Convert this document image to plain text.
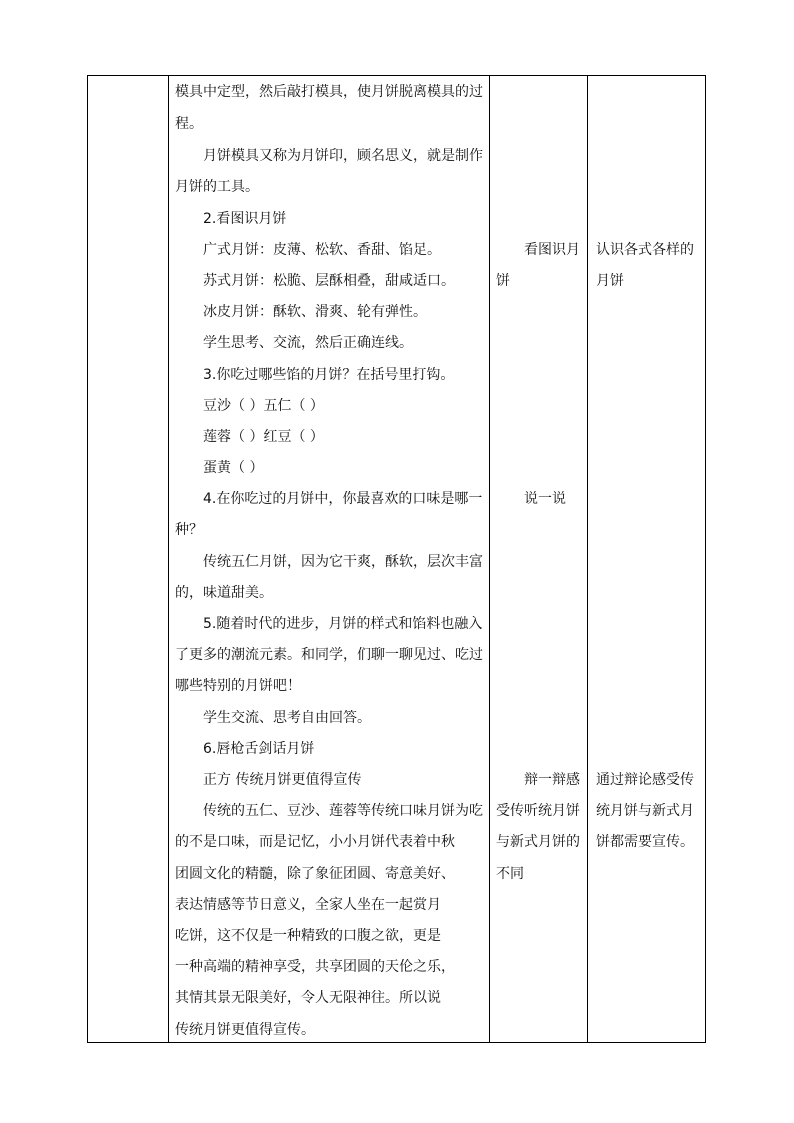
模具中定型，然后敲打模具，使月饼脱离模具的过
程。
月饼模具又称为月饼印，顾名思义，就是制作
月饼的工具。
2.看图识月饼
广式月饼：皮薄、松软、香甜、馅足。
苏式月饼：松脆、层酥相叠，甜咸适口。
冰皮月饼：酥软、滑爽、轮有弹性。
学生思考、交流，然后正确连线。
3.你吃过哪些馅的月饼？在括号里打钩。
豆沙（ ）五仁（ ）
莲蓉（ ）红豆（ ）
蛋黄（ ）
4.在你吃过的月饼中，你最喜欢的口味是哪一
种？
传统五仁月饼，因为它干爽，酥软，层次丰富
的，味道甜美。
5.随着时代的进步，月饼的样式和馅料也融入
了更多的潮流元素。和同学，们聊一聊见过、吃过
哪些特别的月饼吧！
学生交流、思考自由回答。
6.唇枪舌剑话月饼
正方 传统月饼更值得宣传
传统的五仁、豆沙、莲蓉等传统口味月饼为吃
的不是口味，而是记忆，小小月饼代表着中秋
团圆文化的精髓，除了象征团圆、寄意美好、
表达情感等节日意义，全家人坐在一起赏月
吃饼，这不仅是一种精致的口腹之欲，更是
一种高端的精神享受，共享团圆的天伦之乐，
其情其景无限美好，令人无限神往。所以说
传统月饼更值得宣传。
看图识月
饼
说一说
辩一辩感
受传听统月饼
与新式月饼的
不同
认识各式各样的
月饼
通过辩论感受传
统月饼与新式月
饼都需要宣传。
